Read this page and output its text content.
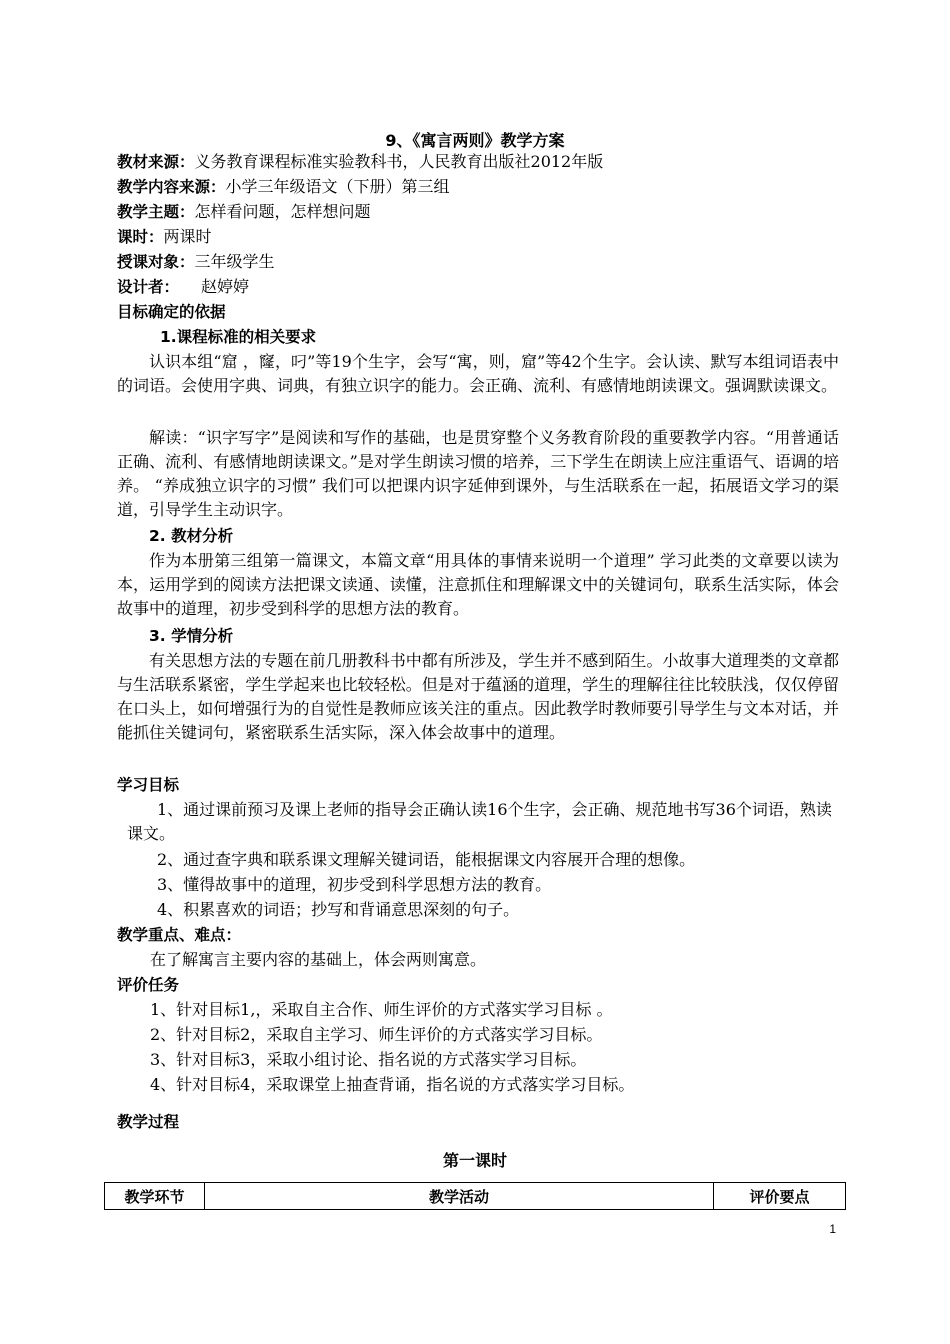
9、《寓言两则》教学方案
教材来源：义务教育课程标准实验教科书，人民教育出版社2012年版
教学内容来源：小学三年级语文（下册）第三组
教学主题：怎样看问题，怎样想问题
课时：两课时
授课对象：三年级学生
设计者： 赵婷婷
目标确定的依据
1.课程标准的相关要求
认识本组“窟 ，窿，叼”等19个生字，会写“寓，则，窟”等42个生字。会认读、默写本组词语表中的词语。会使用字典、词典，有独立识字的能力。会正确、流利、有感情地朗读课文。强调默读课文。
解读：“识字写字”是阅读和写作的基础，也是贯穿整个义务教育阶段的重要教学内容。“用普通话正确、流利、有感情地朗读课文。”是对学生朗读习惯的培养，三下学生在朗读上应注重语气、语调的培养。 “养成独立识字的习惯” 我们可以把课内识字延伸到课外，与生活联系在一起，拓展语文学习的渠道，引导学生主动识字。
2. 教材分析
作为本册第三组第一篇课文，本篇文章“用具体的事情来说明一个道理” 学习此类的文章要以读为本，运用学到的阅读方法把课文读通、读懂，注意抓住和理解课文中的关键词句，联系生活实际，体会故事中的道理，初步受到科学的思想方法的教育。
3. 学情分析
有关思想方法的专题在前几册教科书中都有所涉及，学生并不感到陌生。小故事大道理类的文章都与生活联系紧密，学生学起来也比较轻松。但是对于蕴涵的道理，学生的理解往往比较肤浅，仅仅停留在口头上，如何增强行为的自觉性是教师应该关注的重点。因此教学时教师要引导学生与文本对话，并能抓住关键词句，紧密联系生活实际，深入体会故事中的道理。
学习目标
1、通过课前预习及课上老师的指导会正确认读16个生字，会正确、规范地书写36个词语，熟读课文。
2、通过查字典和联系课文理解关键词语，能根据课文内容展开合理的想像。
3、懂得故事中的道理，初步受到科学思想方法的教育。
4、积累喜欢的词语；抄写和背诵意思深刻的句子。
教学重点、难点：
在了解寓言主要内容的基础上，体会两则寓意。
评价任务
1、针对目标1,，采取自主合作、师生评价的方式落实学习目标 。
2、针对目标2，采取自主学习、师生评价的方式落实学习目标。
3、针对目标3，采取小组讨论、指名说的方式落实学习目标。
4、针对目标4，采取课堂上抽查背诵，指名说的方式落实学习目标。
教学过程
第一课时
教学环节	教学活动	评价要点
1
